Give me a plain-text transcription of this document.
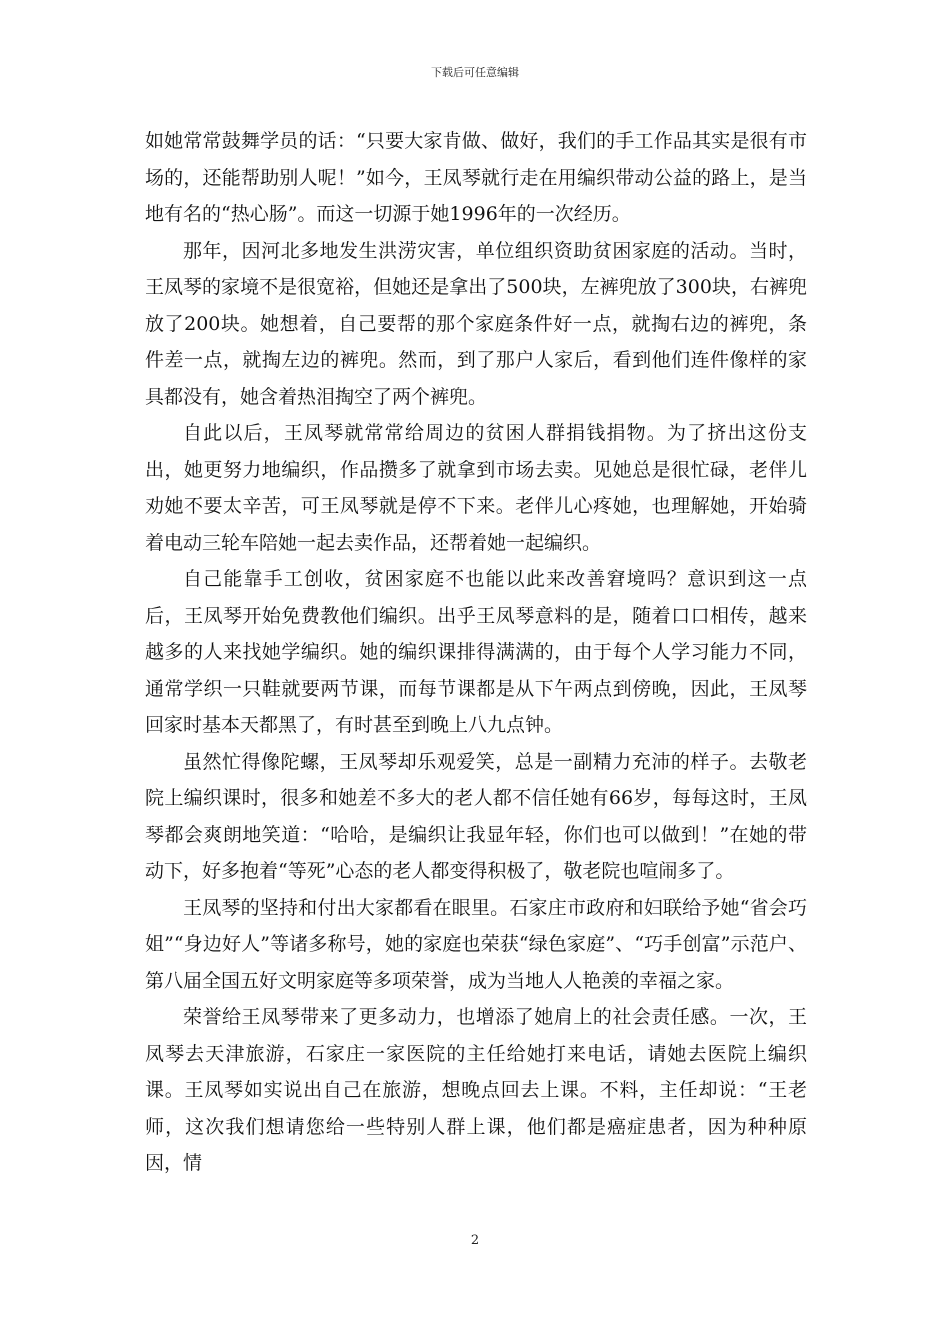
下载后可任意编辑

如她常常鼓舞学员的话：“只要大家肯做、做好，我们的手工作品其实是很有市场的，还能帮助别人呢！”如今，王凤琴就行走在用编织带动公益的路上，是当地有名的“热心肠”。而这一切源于她1996年的一次经历。

那年，因河北多地发生洪涝灾害，单位组织资助贫困家庭的活动。当时，王凤琴的家境不是很宽裕，但她还是拿出了500块，左裤兜放了300块，右裤兜放了200块。她想着，自己要帮的那个家庭条件好一点，就掏右边的裤兜，条件差一点，就掏左边的裤兜。然而，到了那户人家后，看到他们连件像样的家具都没有，她含着热泪掏空了两个裤兜。

自此以后，王凤琴就常常给周边的贫困人群捐钱捐物。为了挤出这份支出，她更努力地编织，作品攒多了就拿到市场去卖。见她总是很忙碌，老伴儿劝她不要太辛苦，可王凤琴就是停不下来。老伴儿心疼她，也理解她，开始骑着电动三轮车陪她一起去卖作品，还帮着她一起编织。

自己能靠手工创收，贫困家庭不也能以此来改善窘境吗？意识到这一点后，王凤琴开始免费教他们编织。出乎王凤琴意料的是，随着口口相传，越来越多的人来找她学编织。她的编织课排得满满的，由于每个人学习能力不同，通常学织一只鞋就要两节课，而每节课都是从下午两点到傍晚，因此，王凤琴回家时基本天都黑了，有时甚至到晚上八九点钟。

虽然忙得像陀螺，王凤琴却乐观爱笑，总是一副精力充沛的样子。去敬老院上编织课时，很多和她差不多大的老人都不信任她有66岁，每每这时，王凤琴都会爽朗地笑道：“哈哈，是编织让我显年轻，你们也可以做到！”在她的带动下，好多抱着“等死”心态的老人都变得积极了，敬老院也喧闹多了。

王凤琴的坚持和付出大家都看在眼里。石家庄市政府和妇联给予她“省会巧姐”“身边好人”等诸多称号，她的家庭也荣获“绿色家庭”、“巧手创富”示范户、第八届全国五好文明家庭等多项荣誉，成为当地人人艳羡的幸福之家。

荣誉给王凤琴带来了更多动力，也增添了她肩上的社会责任感。一次，王凤琴去天津旅游，石家庄一家医院的主任给她打来电话，请她去医院上编织课。王凤琴如实说出自己在旅游，想晚点回去上课。不料，主任却说：“王老师，这次我们想请您给一些特别人群上课，他们都是癌症患者，因为种种原因，情

2
